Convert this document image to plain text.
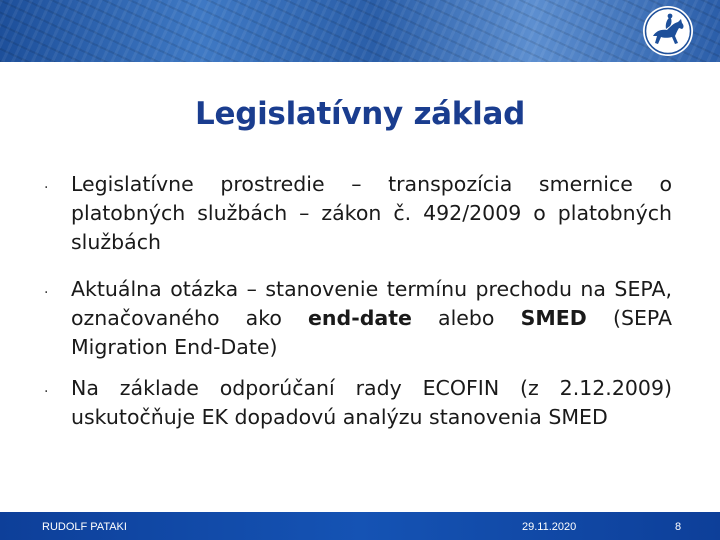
Legislatívny základ
· Legislatívne prostredie – transpozícia smernice o platobných službách – zákon č. 492/2009 o platobných službách
· Aktuálna otázka – stanovenie termínu prechodu na SEPA, označovaného ako end-date alebo SMED (SEPA Migration End-Date)
· Na základe odporúčaní rady ECOFIN (z 2.12.2009) uskutočňuje EK dopadovú analýzu stanovenia SMED
RUDOLF PATAKI	29.11.2020	8
